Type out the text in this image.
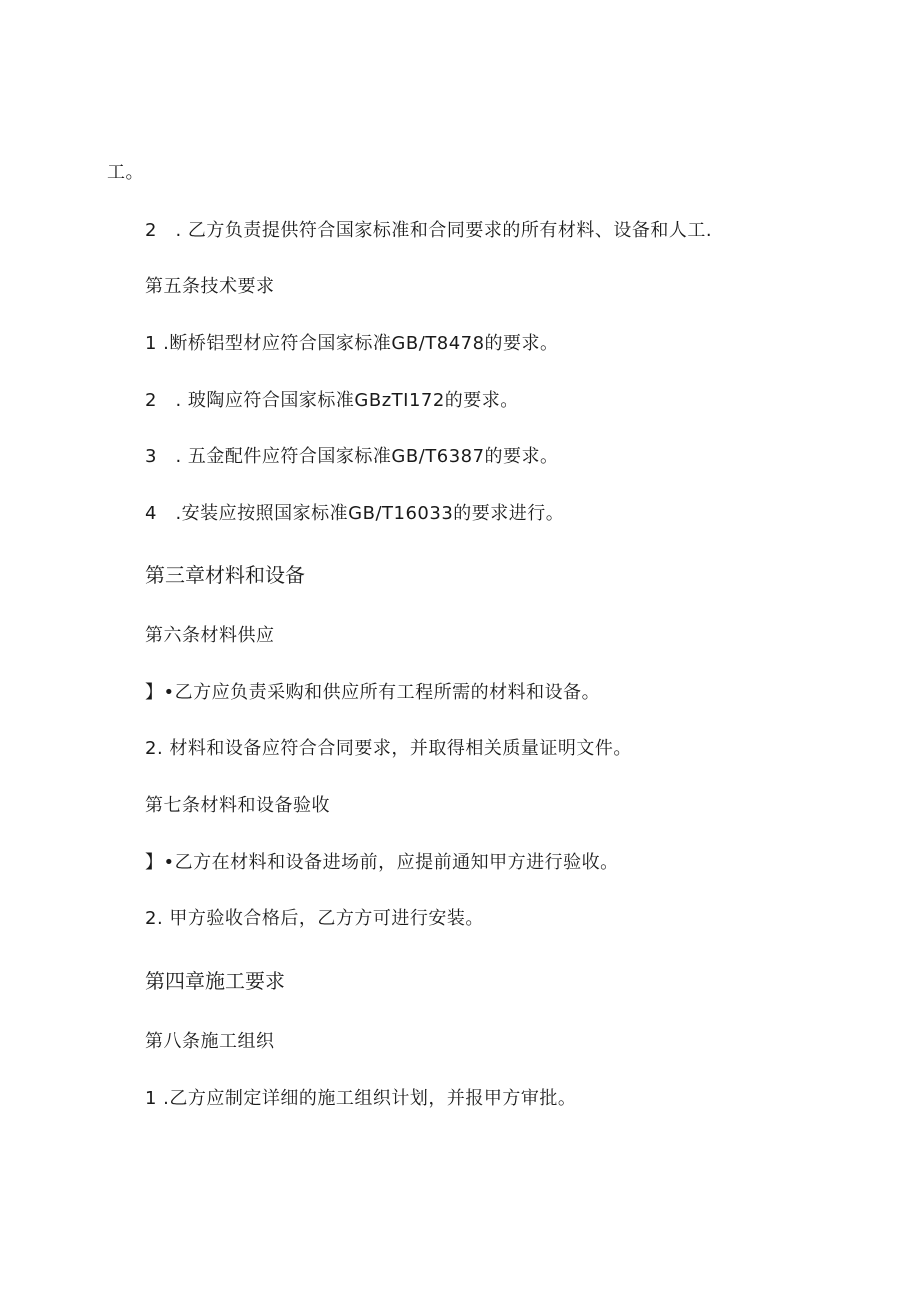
工。
2　. 乙方负责提供符合国家标准和合同要求的所有材料、设备和人工.
第五条技术要求
1 .断桥铝型材应符合国家标准GB/T8478的要求。
2　. 玻陶应符合国家标准GBzTI172的要求。
3　. 五金配件应符合国家标准GB/T6387的要求。
4　.安装应按照国家标准GB/T16033的要求进行。
第三章材料和设备
第六条材料供应
】•乙方应负责采购和供应所有工程所需的材料和设备。
2. 材料和设备应符合合同要求，并取得相关质量证明文件。
第七条材料和设备验收
】•乙方在材料和设备进场前，应提前通知甲方进行验收。
2. 甲方验收合格后，乙方方可进行安装。
第四章施工要求
第八条施工组织
1 .乙方应制定详细的施工组织计划，并报甲方审批。
